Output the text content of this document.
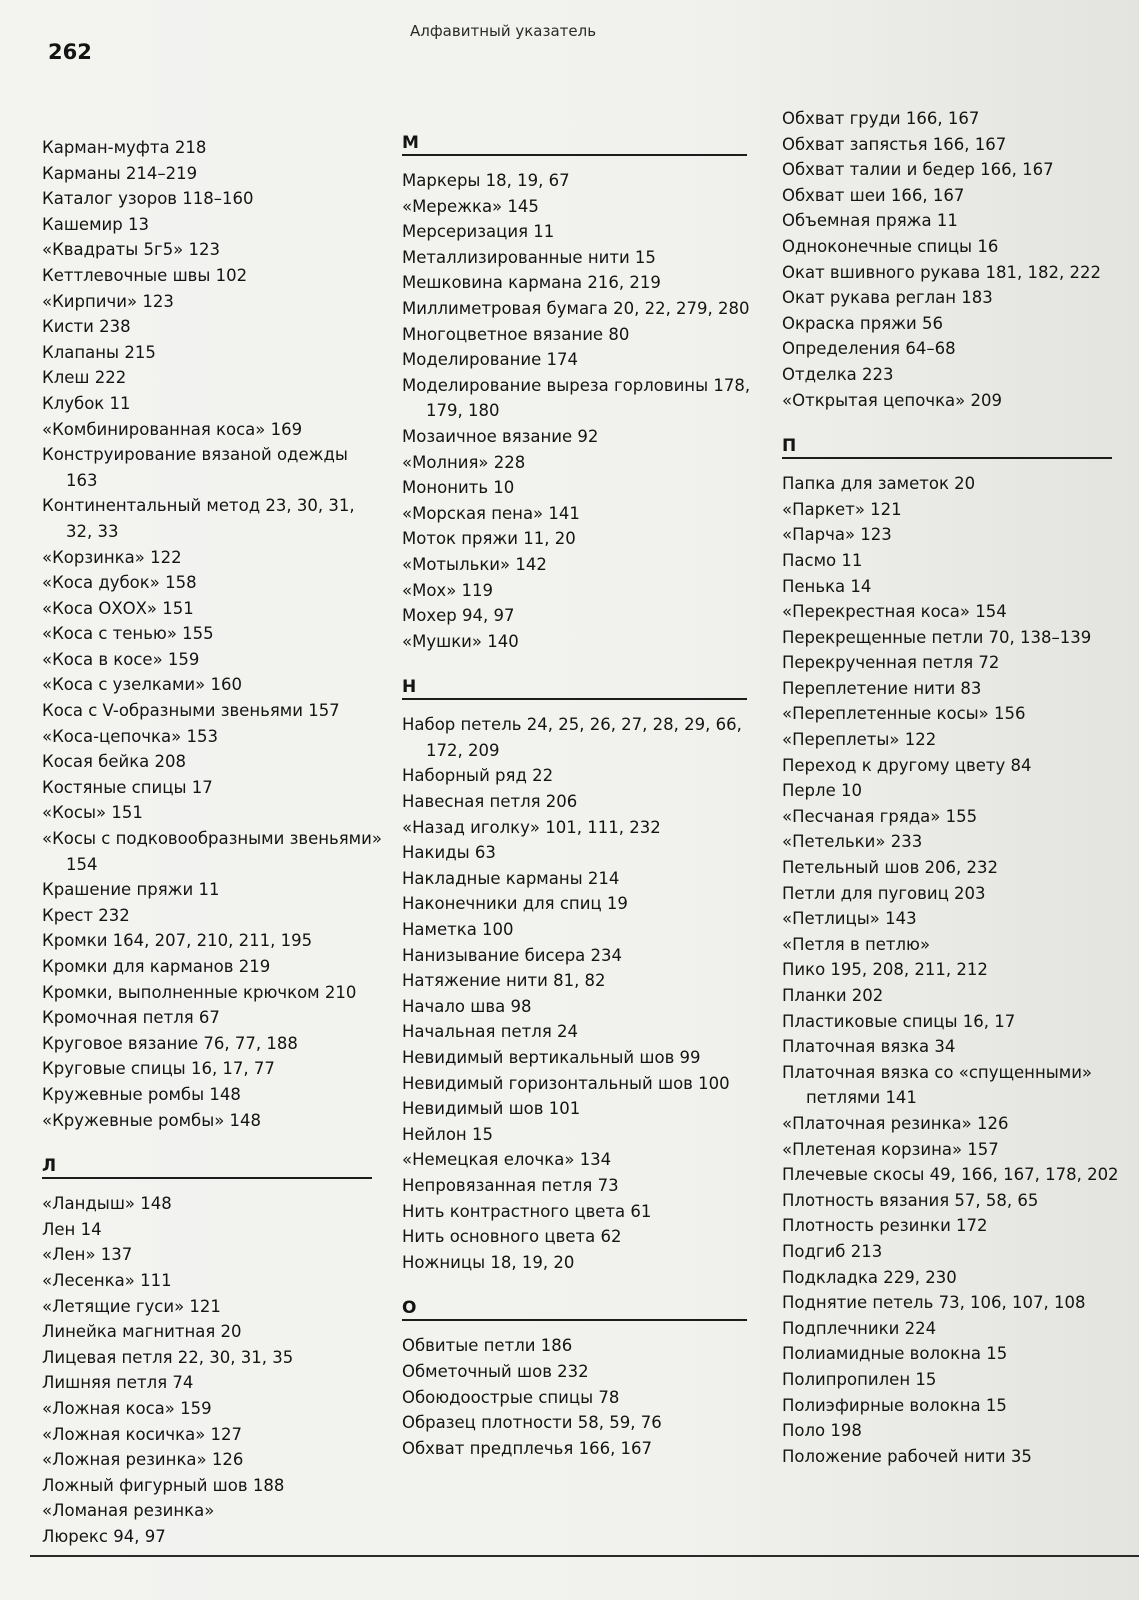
262
Алфавитный указатель
Карман-муфта 218
Карманы 214–219
Каталог узоров 118–160
Кашемир 13
«Квадраты 5г5» 123
Кеттлевочные швы 102
«Кирпичи» 123
Кисти 238
Клапаны 215
Клеш 222
Клубок 11
«Комбинированная коса» 169
Конструирование вязаной одежды 163
Континентальный метод 23, 30, 31, 32, 33
«Корзинка» 122
«Коса дубок» 158
«Коса ОХОХ» 151
«Коса с тенью» 155
«Коса в косе» 159
«Коса с узелками» 160
Коса с V-образными звеньями 157
«Коса-цепочка» 153
Косая бейка 208
Костяные спицы 17
«Косы» 151
«Косы с подковообразными звеньями» 154
Крашение пряжи 11
Крест 232
Кромки 164, 207, 210, 211, 195
Кромки для карманов 219
Кромки, выполненные крючком 210
Кромочная петля 67
Круговое вязание 76, 77, 188
Круговые спицы 16, 17, 77
Кружевные ромбы 148
«Кружевные ромбы» 148
Л
«Ландыш» 148
Лен 14
«Лен» 137
«Лесенка» 111
«Летящие гуси» 121
Линейка магнитная 20
Лицевая петля 22, 30, 31, 35
Лишняя петля 74
«Ложная коса» 159
«Ложная косичка» 127
«Ложная резинка» 126
Ложный фигурный шов 188
«Ломаная резинка»
Люрекс 94, 97
М
Маркеры 18, 19, 67
«Мережка» 145
Мерсеризация 11
Металлизированные нити 15
Мешковина кармана 216, 219
Миллиметровая бумага 20, 22, 279, 280
Многоцветное вязание 80
Моделирование 174
Моделирование выреза горловины 178, 179, 180
Мозаичное вязание 92
«Молния» 228
Мононить 10
«Морская пена» 141
Моток пряжи 11, 20
«Мотыльки» 142
«Мох» 119
Мохер 94, 97
«Мушки» 140
Н
Набор петель 24, 25, 26, 27, 28, 29, 66, 172, 209
Наборный ряд 22
Навесная петля 206
«Назад иголку» 101, 111, 232
Накиды 63
Накладные карманы 214
Наконечники для спиц 19
Наметка 100
Нанизывание бисера 234
Натяжение нити 81, 82
Начало шва 98
Начальная петля 24
Невидимый вертикальный шов 99
Невидимый горизонтальный шов 100
Невидимый шов 101
Нейлон 15
«Немецкая елочка» 134
Непровязанная петля 73
Нить контрастного цвета 61
Нить основного цвета 62
Ножницы 18, 19, 20
О
Обвитые петли 186
Обметочный шов 232
Обоюдоострые спицы 78
Образец плотности 58, 59, 76
Обхват предплечья 166, 167
Обхват груди 166, 167
Обхват запястья 166, 167
Обхват талии и бедер 166, 167
Обхват шеи 166, 167
Объемная пряжа 11
Одноконечные спицы 16
Окат вшивного рукава 181, 182, 222
Окат рукава реглан 183
Окраска пряжи 56
Определения 64–68
Отделка 223
«Открытая цепочка» 209
П
Папка для заметок 20
«Паркет» 121
«Парча» 123
Пасмо 11
Пенька 14
«Перекрестная коса» 154
Перекрещенные петли 70, 138–139
Перекрученная петля 72
Переплетение нити 83
«Переплетенные косы» 156
«Переплеты» 122
Переход к другому цвету 84
Перле 10
«Песчаная гряда» 155
«Петельки» 233
Петельный шов 206, 232
Петли для пуговиц 203
«Петлицы» 143
«Петля в петлю»
Пико 195, 208, 211, 212
Планки 202
Пластиковые спицы 16, 17
Платочная вязка 34
Платочная вязка со «спущенными» петлями 141
«Платочная резинка» 126
«Плетеная корзина» 157
Плечевые скосы 49, 166, 167, 178, 202
Плотность вязания 57, 58, 65
Плотность резинки 172
Подгиб 213
Подкладка 229, 230
Поднятие петель 73, 106, 107, 108
Подплечники 224
Полиамидные волокна 15
Полипропилен 15
Полиэфирные волокна 15
Поло 198
Положение рабочей нити 35
